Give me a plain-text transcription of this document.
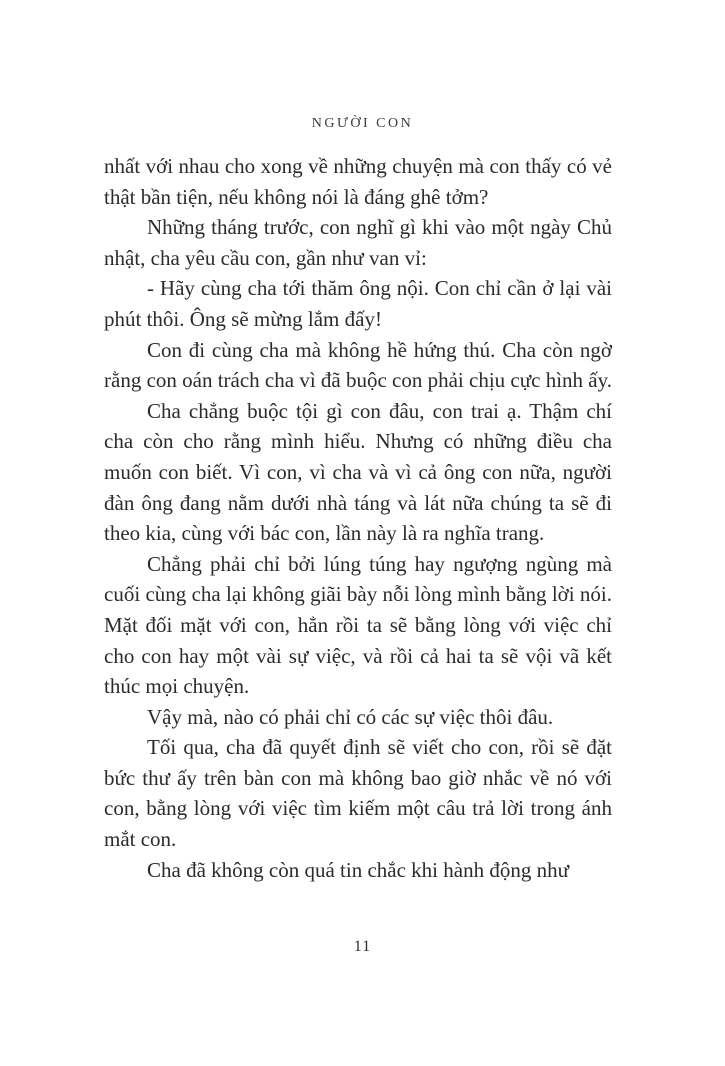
NGƯỜI CON

nhất với nhau cho xong về những chuyện mà con thấy có vẻ thật bần tiện, nếu không nói là đáng ghê tởm?

Những tháng trước, con nghĩ gì khi vào một ngày Chủ nhật, cha yêu cầu con, gần như van vỉ:

- Hãy cùng cha tới thăm ông nội. Con chỉ cần ở lại vài phút thôi. Ông sẽ mừng lắm đấy!

Con đi cùng cha mà không hề hứng thú. Cha còn ngờ rằng con oán trách cha vì đã buộc con phải chịu cực hình ấy.

Cha chẳng buộc tội gì con đâu, con trai ạ. Thậm chí cha còn cho rằng mình hiểu. Nhưng có những điều cha muốn con biết. Vì con, vì cha và vì cả ông con nữa, người đàn ông đang nằm dưới nhà táng và lát nữa chúng ta sẽ đi theo kia, cùng với bác con, lần này là ra nghĩa trang.

Chẳng phải chỉ bởi lúng túng hay ngượng ngùng mà cuối cùng cha lại không giãi bày nỗi lòng mình bằng lời nói. Mặt đối mặt với con, hẳn rồi ta sẽ bằng lòng với việc chỉ cho con hay một vài sự việc, và rồi cả hai ta sẽ vội vã kết thúc mọi chuyện.

Vậy mà, nào có phải chỉ có các sự việc thôi đâu.

Tối qua, cha đã quyết định sẽ viết cho con, rồi sẽ đặt bức thư ấy trên bàn con mà không bao giờ nhắc về nó với con, bằng lòng với việc tìm kiếm một câu trả lời trong ánh mắt con.

Cha đã không còn quá tin chắc khi hành động như

11
